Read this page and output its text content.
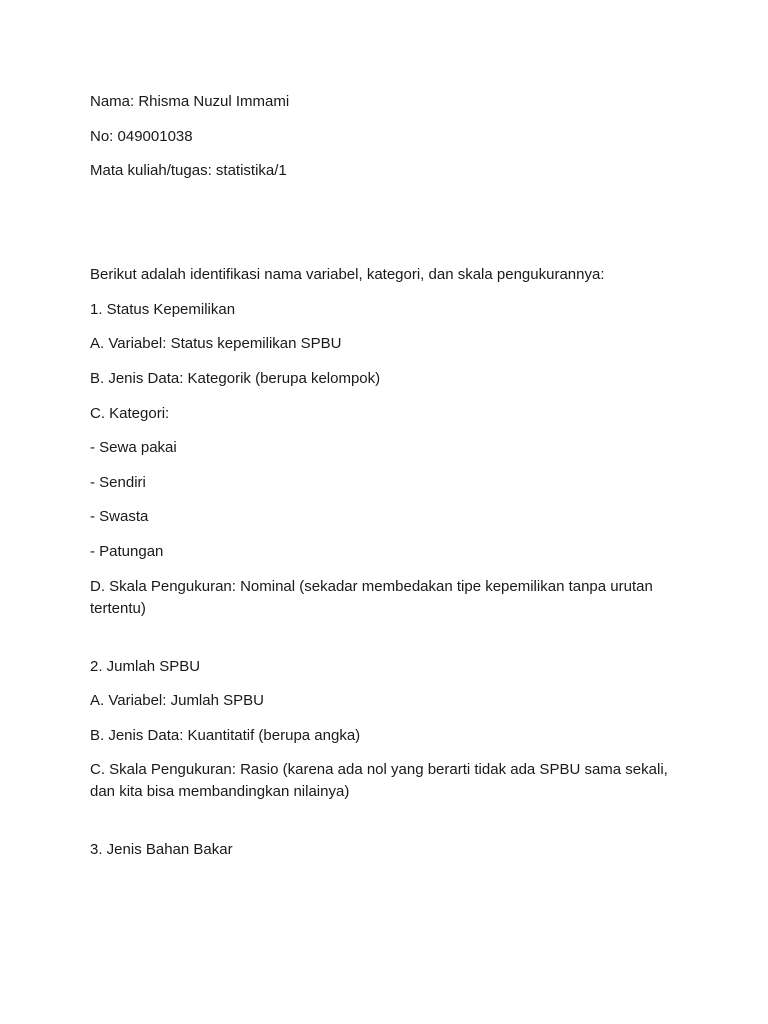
Nama: Rhisma Nuzul Immami

No: 049001038

Mata kuliah/tugas: statistika/1

Berikut adalah identifikasi nama variabel, kategori, dan skala pengukurannya:

1. Status Kepemilikan

A. Variabel: Status kepemilikan SPBU

B. Jenis Data: Kategorik (berupa kelompok)

C. Kategori:

- Sewa pakai

- Sendiri

- Swasta

- Patungan

D. Skala Pengukuran: Nominal (sekadar membedakan tipe kepemilikan tanpa urutan tertentu)

2. Jumlah SPBU

A. Variabel: Jumlah SPBU

B. Jenis Data: Kuantitatif (berupa angka)

C. Skala Pengukuran: Rasio (karena ada nol yang berarti tidak ada SPBU sama sekali, dan kita bisa membandingkan nilainya)

3. Jenis Bahan Bakar
